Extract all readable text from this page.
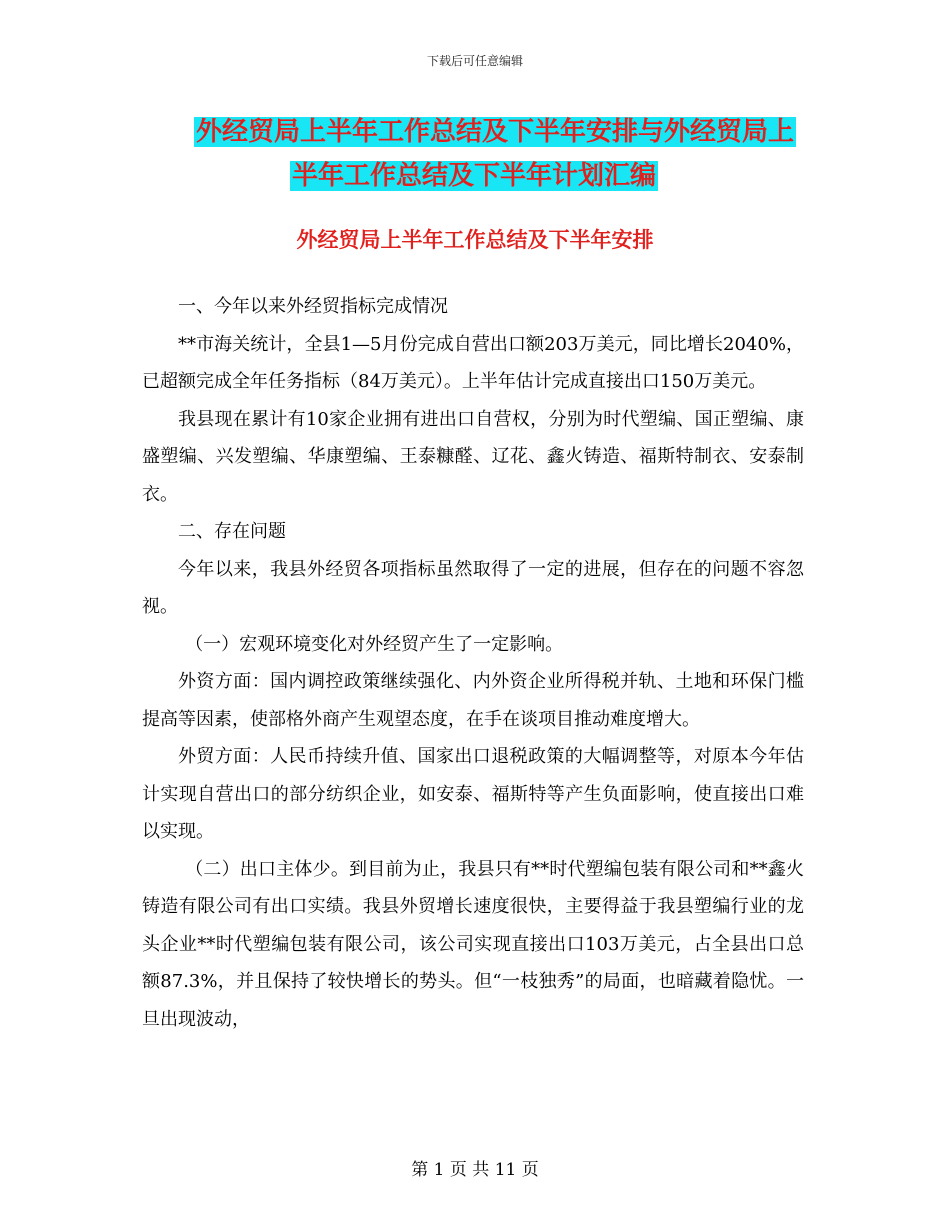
下载后可任意编辑
外经贸局上半年工作总结及下半年安排与外经贸局上
半年工作总结及下半年计划汇编
外经贸局上半年工作总结及下半年安排

一、今年以来外经贸指标完成情况

**市海关统计，全县1—5月份完成自营出口额203万美元，同比增长2040%，已超额完成全年任务指标（84万美元）。上半年估计完成直接出口150万美元。

我县现在累计有10家企业拥有进出口自营权，分别为时代塑编、国正塑编、康盛塑编、兴发塑编、华康塑编、王泰糠醛、辽花、鑫火铸造、福斯特制衣、安泰制衣。

二、存在问题

今年以来，我县外经贸各项指标虽然取得了一定的进展，但存在的问题不容忽视。

（一）宏观环境变化对外经贸产生了一定影响。

外资方面：国内调控政策继续强化、内外资企业所得税并轨、土地和环保门槛提高等因素，使部格外商产生观望态度，在手在谈项目推动难度增大。

外贸方面：人民币持续升值、国家出口退税政策的大幅调整等，对原本今年估计实现自营出口的部分纺织企业，如安泰、福斯特等产生负面影响，使直接出口难以实现。

（二）出口主体少。到目前为止，我县只有**时代塑编包装有限公司和**鑫火铸造有限公司有出口实绩。我县外贸增长速度很快，主要得益于我县塑编行业的龙头企业**时代塑编包装有限公司，该公司实现直接出口103万美元，占全县出口总额87.3%，并且保持了较快增长的势头。但“一枝独秀”的局面，也暗藏着隐忧。一旦出现波动，

第 1 页 共 11 页
